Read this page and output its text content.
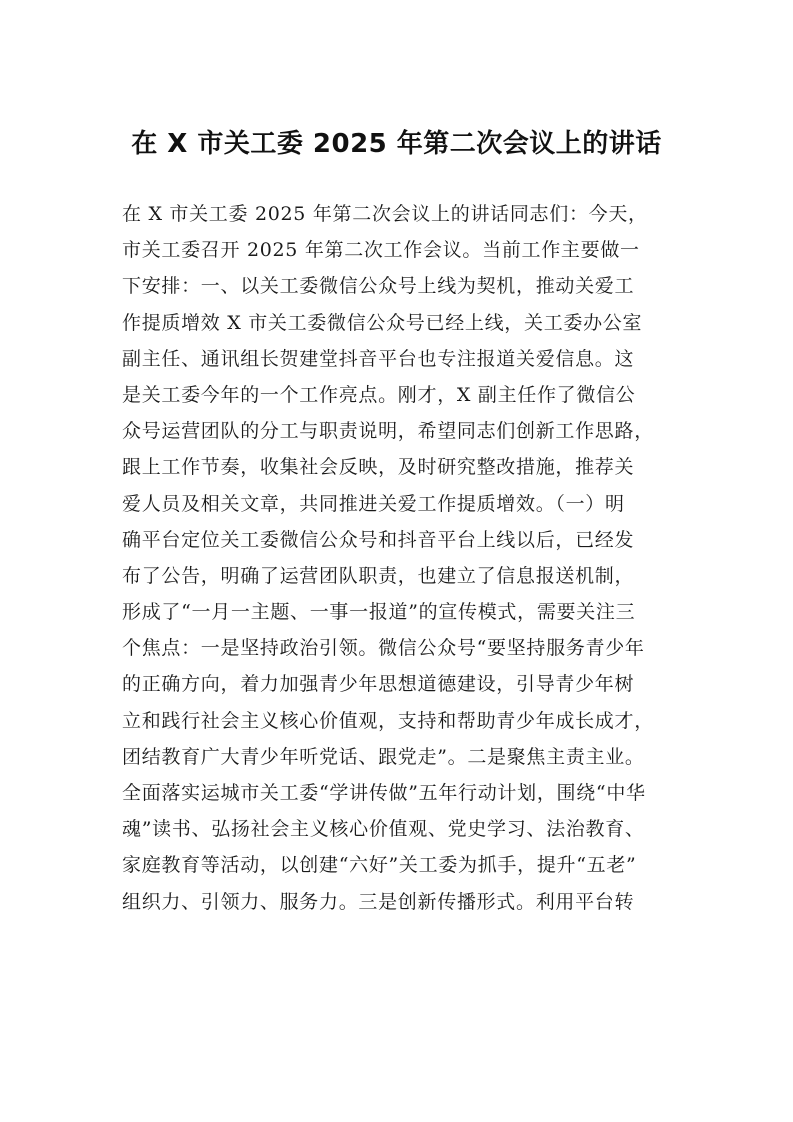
在 X 市关工委 2025 年第二次会议上的讲话
在 X 市关工委 2025 年第二次会议上的讲话同志们：今天，
市关工委召开 2025 年第二次工作会议。当前工作主要做一
下安排：一、以关工委微信公众号上线为契机，推动关爱工
作提质增效 X 市关工委微信公众号已经上线，关工委办公室
副主任、通讯组长贺建堂抖音平台也专注报道关爱信息。这
是关工委今年的一个工作亮点。刚才，X 副主任作了微信公
众号运营团队的分工与职责说明，希望同志们创新工作思路，
跟上工作节奏，收集社会反映，及时研究整改措施，推荐关
爱人员及相关文章，共同推进关爱工作提质增效。（一）明
确平台定位关工委微信公众号和抖音平台上线以后，已经发
布了公告，明确了运营团队职责，也建立了信息报送机制，
形成了“一月一主题、一事一报道”的宣传模式，需要关注三
个焦点：一是坚持政治引领。微信公众号“要坚持服务青少年
的正确方向，着力加强青少年思想道德建设，引导青少年树
立和践行社会主义核心价值观，支持和帮助青少年成长成才，
团结教育广大青少年听党话、跟党走”。二是聚焦主责主业。
全面落实运城市关工委“学讲传做”五年行动计划，围绕“中华
魂”读书、弘扬社会主义核心价值观、党史学习、法治教育、
家庭教育等活动，以创建“六好”关工委为抓手，提升“五老”
组织力、引领力、服务力。三是创新传播形式。利用平台转
